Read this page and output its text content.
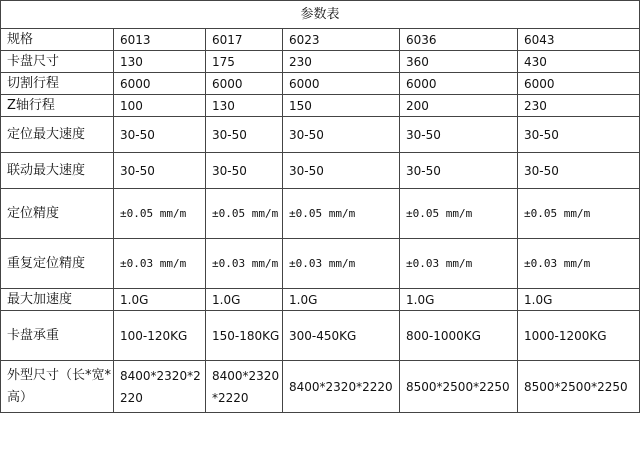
参数表					
规格	6013	6017	6023	6036	6043
卡盘尺寸	130	175	230	360	430
切割行程	6000	6000	6000	6000	6000
Z轴行程	100	130	150	200	230
定位最大速度	30-50	30-50	30-50	30-50	30-50
联动最大速度	30-50	30-50	30-50	30-50	30-50
定位精度	±0.05 mm/m	±0.05 mm/m	±0.05 mm/m	±0.05 mm/m	±0.05 mm/m
重复定位精度	±0.03 mm/m	±0.03 mm/m	±0.03 mm/m	±0.03 mm/m	±0.03 mm/m
最大加速度	1.0G	1.0G	1.0G	1.0G	1.0G
卡盘承重	100-120KG	150-180KG	300-450KG	800-1000KG	1000-1200KG
外型尺寸（长*宽*高）	8400*2320*2220	8400*2320*2220	8400*2320*2220	8500*2500*2250	8500*2500*2250
